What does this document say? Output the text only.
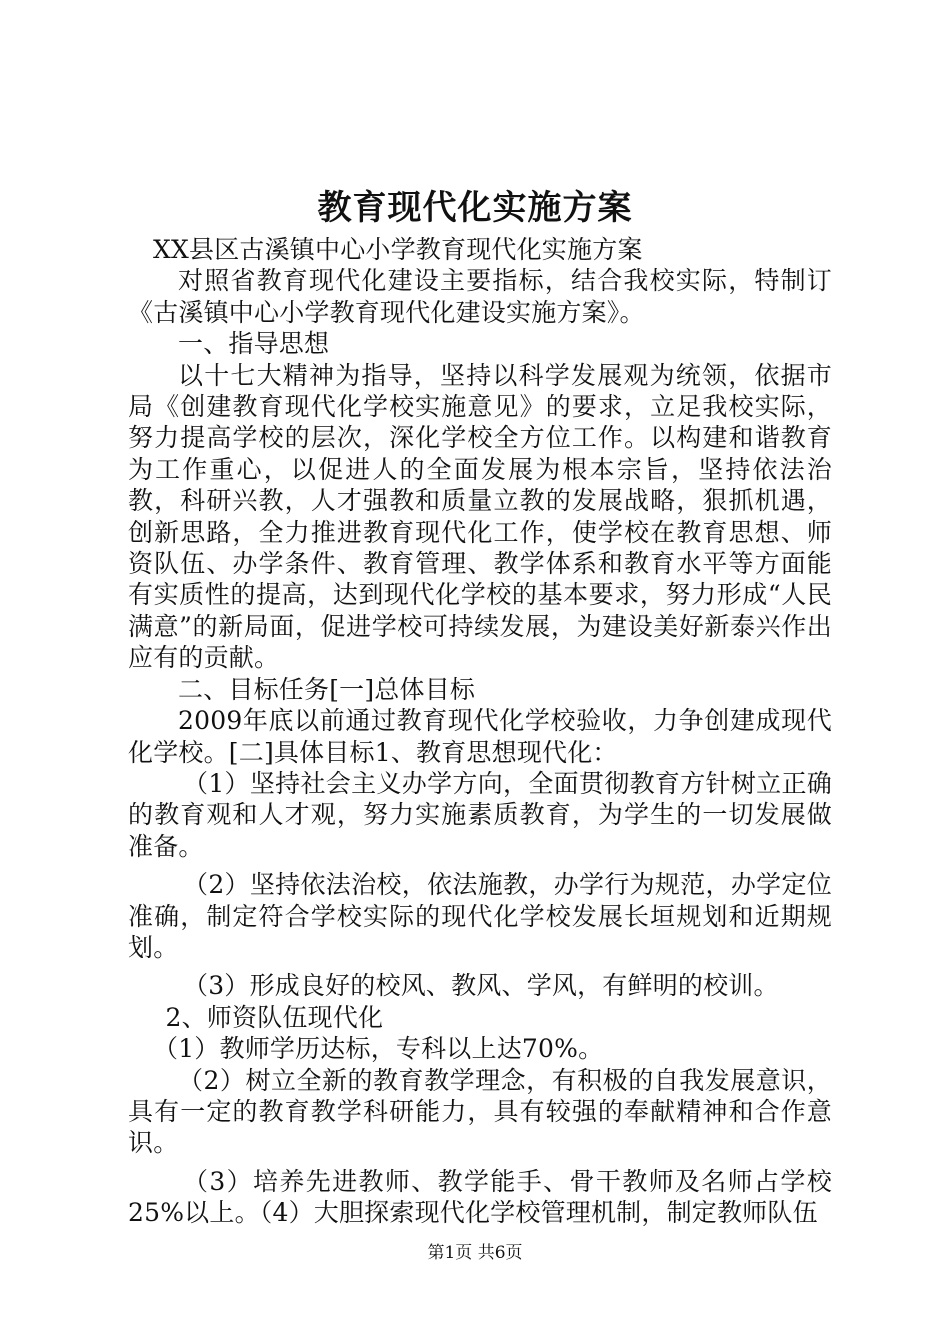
教育现代化实施方案

XX县区古溪镇中心小学教育现代化实施方案

对照省教育现代化建设主要指标，结合我校实际，特制订《古溪镇中心小学教育现代化建设实施方案》。

一、指导思想

以十七大精神为指导，坚持以科学发展观为统领，依据市局《创建教育现代化学校实施意见》的要求，立足我校实际，努力提高学校的层次，深化学校全方位工作。以构建和谐教育为工作重心，以促进人的全面发展为根本宗旨，坚持依法治教，科研兴教，人才强教和质量立教的发展战略，狠抓机遇，创新思路，全力推进教育现代化工作，使学校在教育思想、师资队伍、办学条件、教育管理、教学体系和教育水平等方面能有实质性的提高，达到现代化学校的基本要求，努力形成“人民满意”的新局面，促进学校可持续发展，为建设美好新泰兴作出应有的贡献。

二、目标任务[一]总体目标

2009年底以前通过教育现代化学校验收，力争创建成现代化学校。[二]具体目标1、教育思想现代化：

（1）坚持社会主义办学方向，全面贯彻教育方针树立正确的教育观和人才观，努力实施素质教育，为学生的一切发展做准备。

（2）坚持依法治校，依法施教，办学行为规范，办学定位准确，制定符合学校实际的现代化学校发展长垣规划和近期规划。

（3）形成良好的校风、教风、学风，有鲜明的校训。

2、师资队伍现代化

（1）教师学历达标，专科以上达70%。

（2）树立全新的教育教学理念，有积极的自我发展意识，具有一定的教育教学科研能力，具有较强的奉献精神和合作意识。

（3）培养先进教师、教学能手、骨干教师及名师占学校25%以上。（4）大胆探索现代化学校管理机制，制定教师队伍

第1页 共6页
